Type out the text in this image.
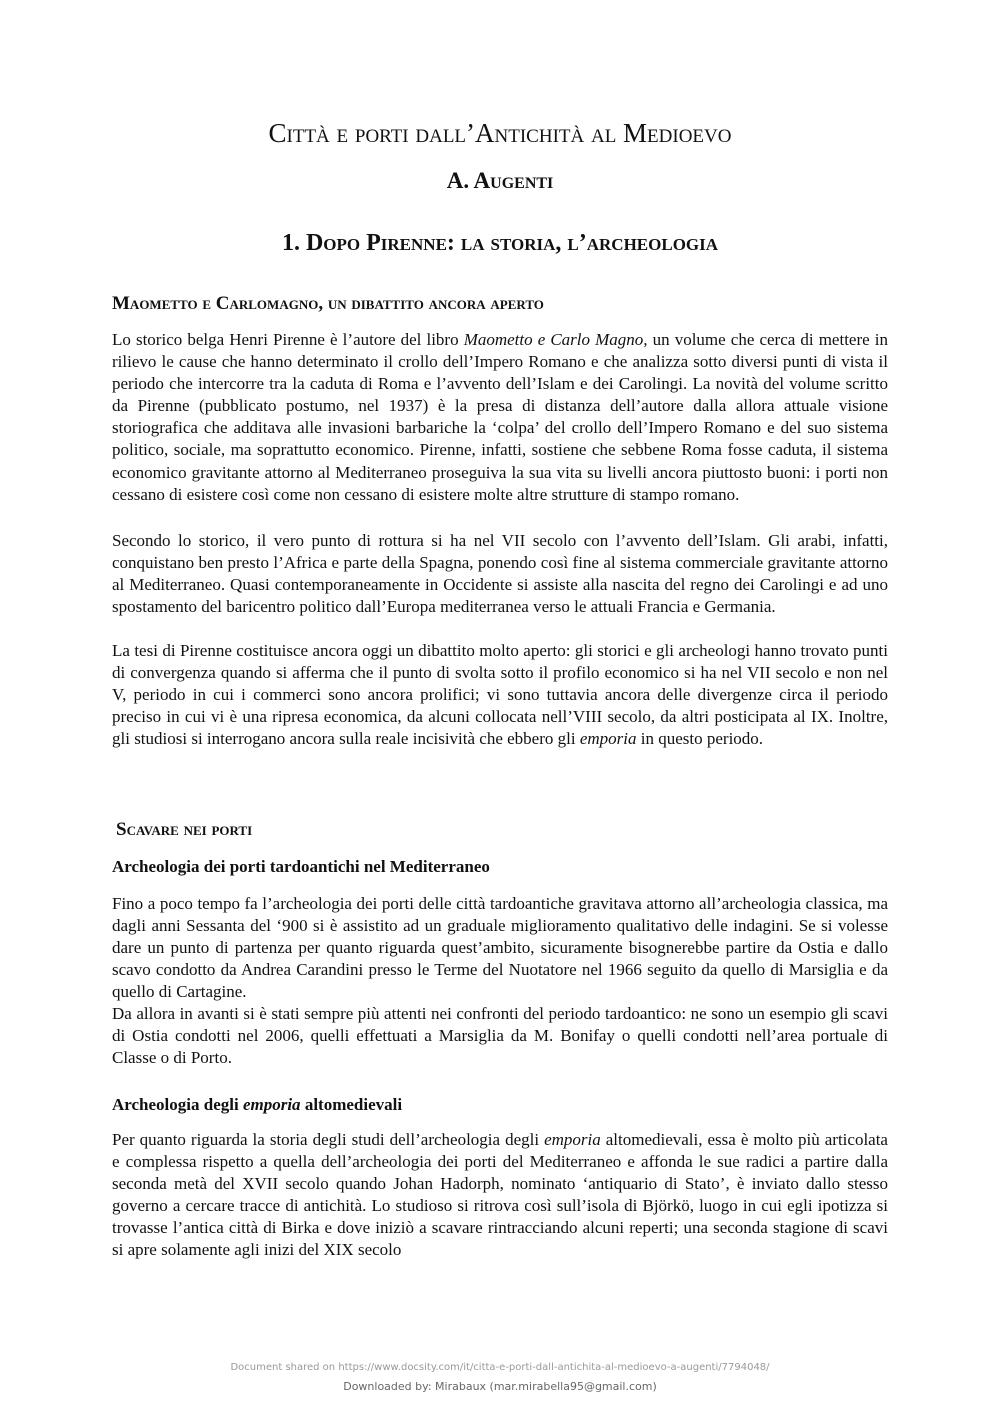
Città e porti dall’Antichità al Medioevo
A. Augenti
1. Dopo Pirenne: la storia, l’archeologia
Maometto e Carlomagno, un dibattito ancora aperto

Lo storico belga Henri Pirenne è l’autore del libro Maometto e Carlo Magno, un volume che cerca di mettere in rilievo le cause che hanno determinato il crollo dell’Impero Romano e che analizza sotto diversi punti di vista il periodo che intercorre tra la caduta di Roma e l’avvento dell’Islam e dei Carolingi. La novità del volume scritto da Pirenne (pubblicato postumo, nel 1937) è la presa di distanza dell’autore dalla allora attuale visione storiografica che additava alle invasioni barbariche la ‘colpa’ del crollo dell’Impero Romano e del suo sistema politico, sociale, ma soprattutto economico. Pirenne, infatti, sostiene che sebbene Roma fosse caduta, il sistema economico gravitante attorno al Mediterraneo proseguiva la sua vita su livelli ancora piuttosto buoni: i porti non cessano di esistere così come non cessano di esistere molte altre strutture di stampo romano.

Secondo lo storico, il vero punto di rottura si ha nel VII secolo con l’avvento dell’Islam. Gli arabi, infatti, conquistano ben presto l’Africa e parte della Spagna, ponendo così fine al sistema commerciale gravitante attorno al Mediterraneo. Quasi contemporaneamente in Occidente si assiste alla nascita del regno dei Carolingi e ad uno spostamento del baricentro politico dall’Europa mediterranea verso le attuali Francia e Germania.

La tesi di Pirenne costituisce ancora oggi un dibattito molto aperto: gli storici e gli archeologi hanno trovato punti di convergenza quando si afferma che il punto di svolta sotto il profilo economico si ha nel VII secolo e non nel V, periodo in cui i commerci sono ancora prolifici; vi sono tuttavia ancora delle divergenze circa il periodo preciso in cui vi è una ripresa economica, da alcuni collocata nell’VIII secolo, da altri posticipata al IX. Inoltre, gli studiosi si interrogano ancora sulla reale incisività che ebbero gli emporia in questo periodo.

Scavare nei porti
Archeologia dei porti tardoantichi nel Mediterraneo

Fino a poco tempo fa l’archeologia dei porti delle città tardoantiche gravitava attorno all’archeologia classica, ma dagli anni Sessanta del ‘900 si è assistito ad un graduale miglioramento qualitativo delle indagini. Se si volesse dare un punto di partenza per quanto riguarda quest’ambito, sicuramente bisognerebbe partire da Ostia e dallo scavo condotto da Andrea Carandini presso le Terme del Nuotatore nel 1966 seguito da quello di Marsiglia e da quello di Cartagine.

Da allora in avanti si è stati sempre più attenti nei confronti del periodo tardoantico: ne sono un esempio gli scavi di Ostia condotti nel 2006, quelli effettuati a Marsiglia da M. Bonifay o quelli condotti nell’area portuale di Classe o di Porto.

Archeologia degli emporia altomedievali

Per quanto riguarda la storia degli studi dell’archeologia degli emporia altomedievali, essa è molto più articolata e complessa rispetto a quella dell’archeologia dei porti del Mediterraneo e affonda le sue radici a partire dalla seconda metà del XVII secolo quando Johan Hadorph, nominato ‘antiquario di Stato’, è inviato dallo stesso governo a cercare tracce di antichità. Lo studioso si ritrova così sull’isola di Björkö, luogo in cui egli ipotizza si trovasse l’antica città di Birka e dove iniziò a scavare rintracciando alcuni reperti; una seconda stagione di scavi si apre solamente agli inizi del XIX secolo

Document shared on https://www.docsity.com/it/citta-e-porti-dall-antichita-al-medioevo-a-augenti/7794048/
Downloaded by: Mirabaux (mar.mirabella95@gmail.com)
